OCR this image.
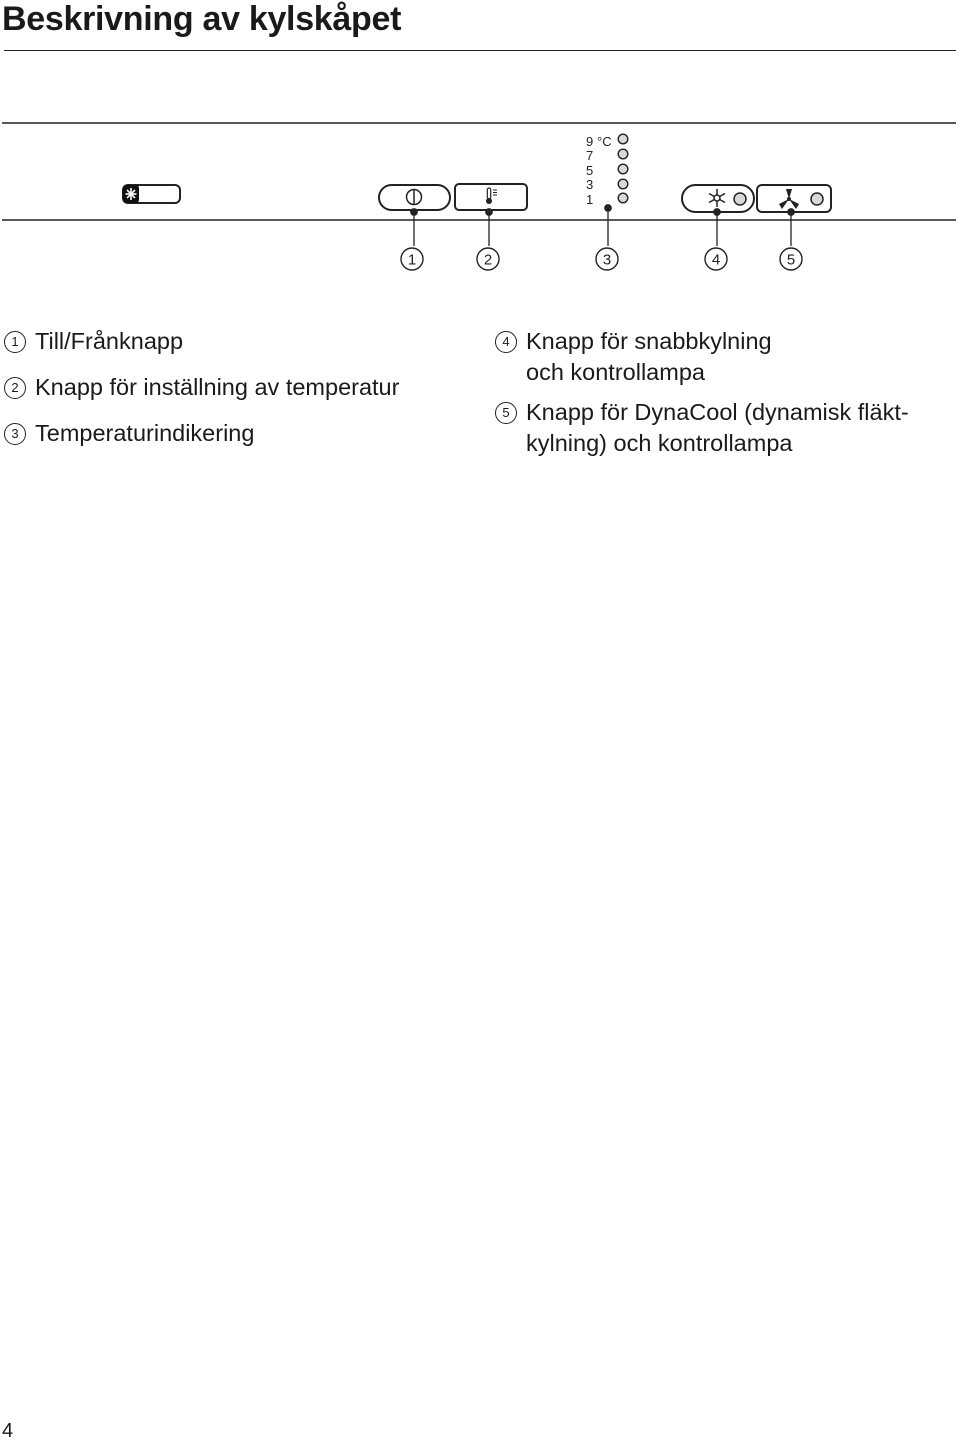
Beskrivning av kylskåpet
9 °C
7
5
3
1
1	2	3	4	5
1 Till/Frånknapp
2 Knapp för inställning av temperatur
3 Temperaturindikering
4 Knapp för snabbkylning
och kontrollampa
5 Knapp för DynaCool (dynamisk fläkt-
kylning) och kontrollampa
4
